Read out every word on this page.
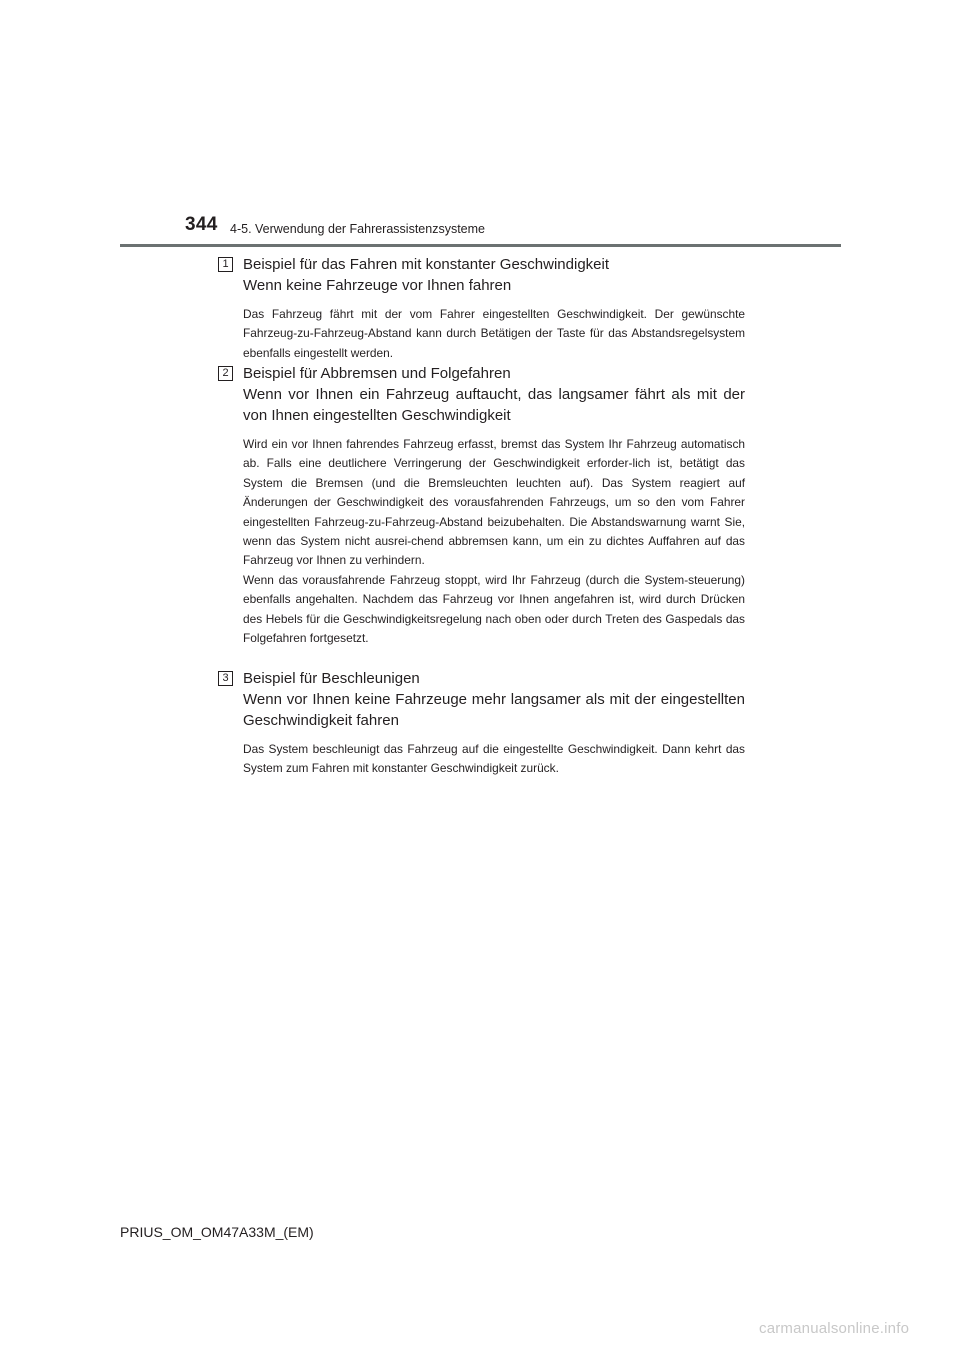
344 4-5. Verwendung der Fahrerassistenzsysteme
1 Beispiel für das Fahren mit konstanter Geschwindigkeit

Wenn keine Fahrzeuge vor Ihnen fahren

Das Fahrzeug fährt mit der vom Fahrer eingestellten Geschwindigkeit. Der gewünschte Fahrzeug-zu-Fahrzeug-Abstand kann durch Betätigen der Taste für das Abstandsregelsystem ebenfalls eingestellt werden.

2 Beispiel für Abbremsen und Folgefahren

Wenn vor Ihnen ein Fahrzeug auftaucht, das langsamer fährt als mit der von Ihnen eingestellten Geschwindigkeit

Wird ein vor Ihnen fahrendes Fahrzeug erfasst, bremst das System Ihr Fahrzeug automatisch ab. Falls eine deutlichere Verringerung der Geschwindigkeit erforder-lich ist, betätigt das System die Bremsen (und die Bremsleuchten leuchten auf). Das System reagiert auf Änderungen der Geschwindigkeit des vorausfahrenden Fahrzeugs, um so den vom Fahrer eingestellten Fahrzeug-zu-Fahrzeug-Abstand beizubehalten. Die Abstandswarnung warnt Sie, wenn das System nicht ausrei-chend abbremsen kann, um ein zu dichtes Auffahren auf das Fahrzeug vor Ihnen zu verhindern.

Wenn das vorausfahrende Fahrzeug stoppt, wird Ihr Fahrzeug (durch die System-steuerung) ebenfalls angehalten. Nachdem das Fahrzeug vor Ihnen angefahren ist, wird durch Drücken des Hebels für die Geschwindigkeitsregelung nach oben oder durch Treten des Gaspedals das Folgefahren fortgesetzt.

3 Beispiel für Beschleunigen

Wenn vor Ihnen keine Fahrzeuge mehr langsamer als mit der eingestellten Geschwindigkeit fahren

Das System beschleunigt das Fahrzeug auf die eingestellte Geschwindigkeit. Dann kehrt das System zum Fahren mit konstanter Geschwindigkeit zurück.

PRIUS_OM_OM47A33M_(EM)
carmanualsonline.info
